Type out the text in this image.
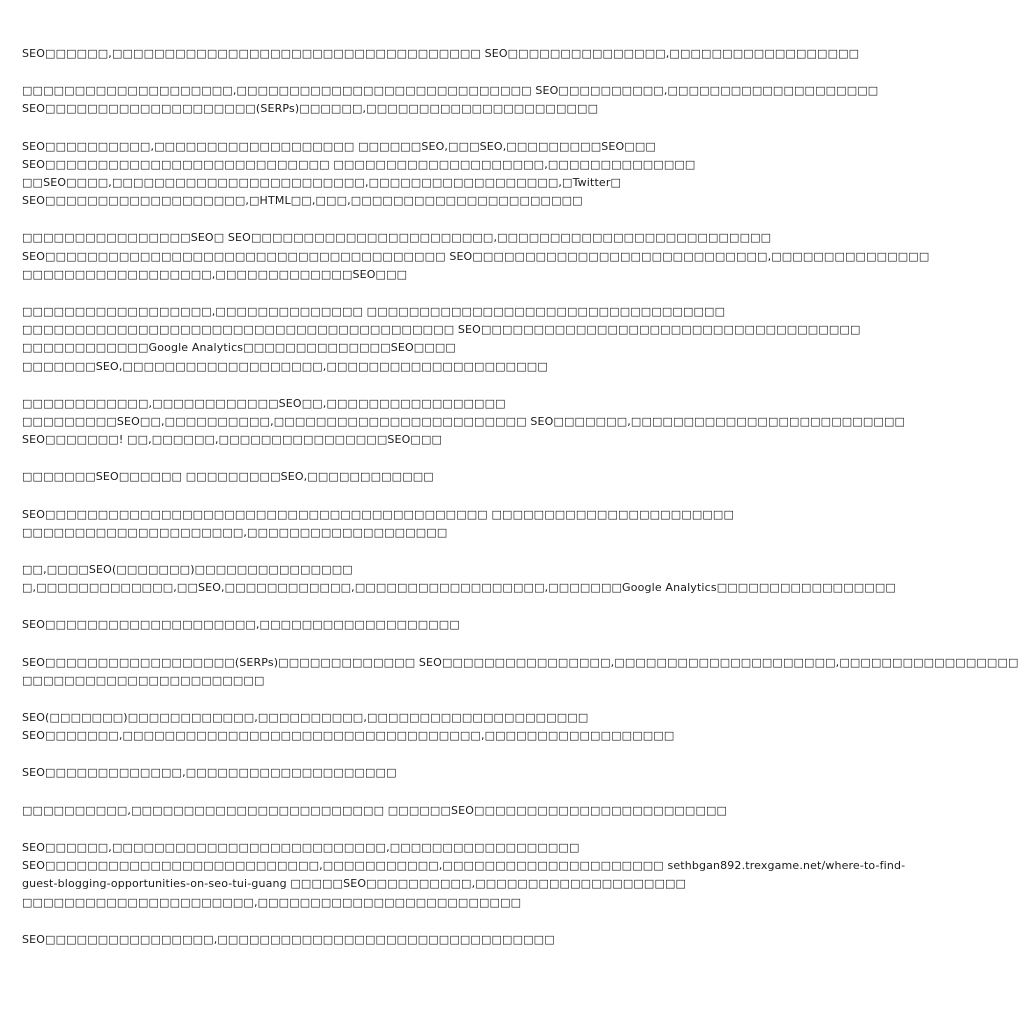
SEO□□□□□□,□□□□□□□□□□□□□□□□□□□□□□□□□□□□□□□□□□□ SEO□□□□□□□□□□□□□□□,□□□□□□□□□□□□□□□□□□
□□□□□□□□□□□□□□□□□□□□,□□□□□□□□□□□□□□□□□□□□□□□□□□□□ SEO□□□□□□□□□□,□□□□□□□□□□□□□□□□□□□□
SEO□□□□□□□□□□□□□□□□□□□□(SERPs)□□□□□□,□□□□□□□□□□□□□□□□□□□□□□
SEO□□□□□□□□□□,□□□□□□□□□□□□□□□□□□□ □□□□□□SEO,□□□SEO,□□□□□□□□□SEO□□□
SEO□□□□□□□□□□□□□□□□□□□□□□□□□□□ □□□□□□□□□□□□□□□□□□□□,□□□□□□□□□□□□□□
□□SEO□□□□,□□□□□□□□□□□□□□□□□□□□□□□□,□□□□□□□□□□□□□□□□□□,□Twitter□
SEO□□□□□□□□□□□□□□□□□□□,□HTML□□,□□□,□□□□□□□□□□□□□□□□□□□□□□
□□□□□□□□□□□□□□□□SEO□ SEO□□□□□□□□□□□□□□□□□□□□□□□,□□□□□□□□□□□□□□□□□□□□□□□□□□
SEO□□□□□□□□□□□□□□□□□□□□□□□□□□□□□□□□□□□□□□ SEO□□□□□□□□□□□□□□□□□□□□□□□□□□□□,□□□□□□□□□□□□□□□
□□□□□□□□□□□□□□□□□□,□□□□□□□□□□□□□SEO□□□
□□□□□□□□□□□□□□□□□□,□□□□□□□□□□□□□□ □□□□□□□□□□□□□□□□□□□□□□□□□□□□□□□□□□
□□□□□□□□□□□□□□□□□□□□□□□□□□□□□□□□□□□□□□□□□ SEO□□□□□□□□□□□□□□□□□□□□□□□□□□□□□□□□□□□□
□□□□□□□□□□□□Google Analytics□□□□□□□□□□□□□□SEO□□□□
□□□□□□□SEO,□□□□□□□□□□□□□□□□□□□,□□□□□□□□□□□□□□□□□□□□□
□□□□□□□□□□□□,□□□□□□□□□□□□SEO□□,□□□□□□□□□□□□□□□□□
□□□□□□□□□SEO□□,□□□□□□□□□□,□□□□□□□□□□□□□□□□□□□□□□□□ SEO□□□□□□□,□□□□□□□□□□□□□□□□□□□□□□□□□□
SEO□□□□□□□! □□,□□□□□□,□□□□□□□□□□□□□□□□SEO□□□
□□□□□□□SEO□□□□□□ □□□□□□□□□SEO,□□□□□□□□□□□□
SEO□□□□□□□□□□□□□□□□□□□□□□□□□□□□□□□□□□□□□□□□□□ □□□□□□□□□□□□□□□□□□□□□□□
□□□□□□□□□□□□□□□□□□□□□,□□□□□□□□□□□□□□□□□□□
□□,□□□□SEO(□□□□□□□)□□□□□□□□□□□□□□□
□,□□□□□□□□□□□□□,□□SEO,□□□□□□□□□□□□,□□□□□□□□□□□□□□□□□□,□□□□□□□Google Analytics□□□□□□□□□□□□□□□□□
SEO□□□□□□□□□□□□□□□□□□□□,□□□□□□□□□□□□□□□□□□□
SEO□□□□□□□□□□□□□□□□□□(SERPs)□□□□□□□□□□□□□ SEO□□□□□□□□□□□□□□□□,□□□□□□□□□□□□□□□□□□□□□,□□□□□□□□□□□□□□□□□
□□□□□□□□□□□□□□□□□□□□□□□
SEO(□□□□□□□)□□□□□□□□□□□□,□□□□□□□□□□,□□□□□□□□□□□□□□□□□□□□□
SEO□□□□□□□,□□□□□□□□□□□□□□□□□□□□□□□□□□□□□□□□□□,□□□□□□□□□□□□□□□□□□
SEO□□□□□□□□□□□□□,□□□□□□□□□□□□□□□□□□□□
□□□□□□□□□□,□□□□□□□□□□□□□□□□□□□□□□□□ □□□□□□SEO□□□□□□□□□□□□□□□□□□□□□□□□
SEO□□□□□□,□□□□□□□□□□□□□□□□□□□□□□□□□□,□□□□□□□□□□□□□□□□□□
SEO□□□□□□□□□□□□□□□□□□□□□□□□□□,□□□□□□□□□□□,□□□□□□□□□□□□□□□□□□□□□ sethbgan892.trexgame.net/where-to-find-
guest-blogging-opportunities-on-seo-tui-guang □□□□□SEO□□□□□□□□□□,□□□□□□□□□□□□□□□□□□□□
□□□□□□□□□□□□□□□□□□□□□□,□□□□□□□□□□□□□□□□□□□□□□□□□
SEO□□□□□□□□□□□□□□□□,□□□□□□□□□□□□□□□□□□□□□□□□□□□□□□□□
